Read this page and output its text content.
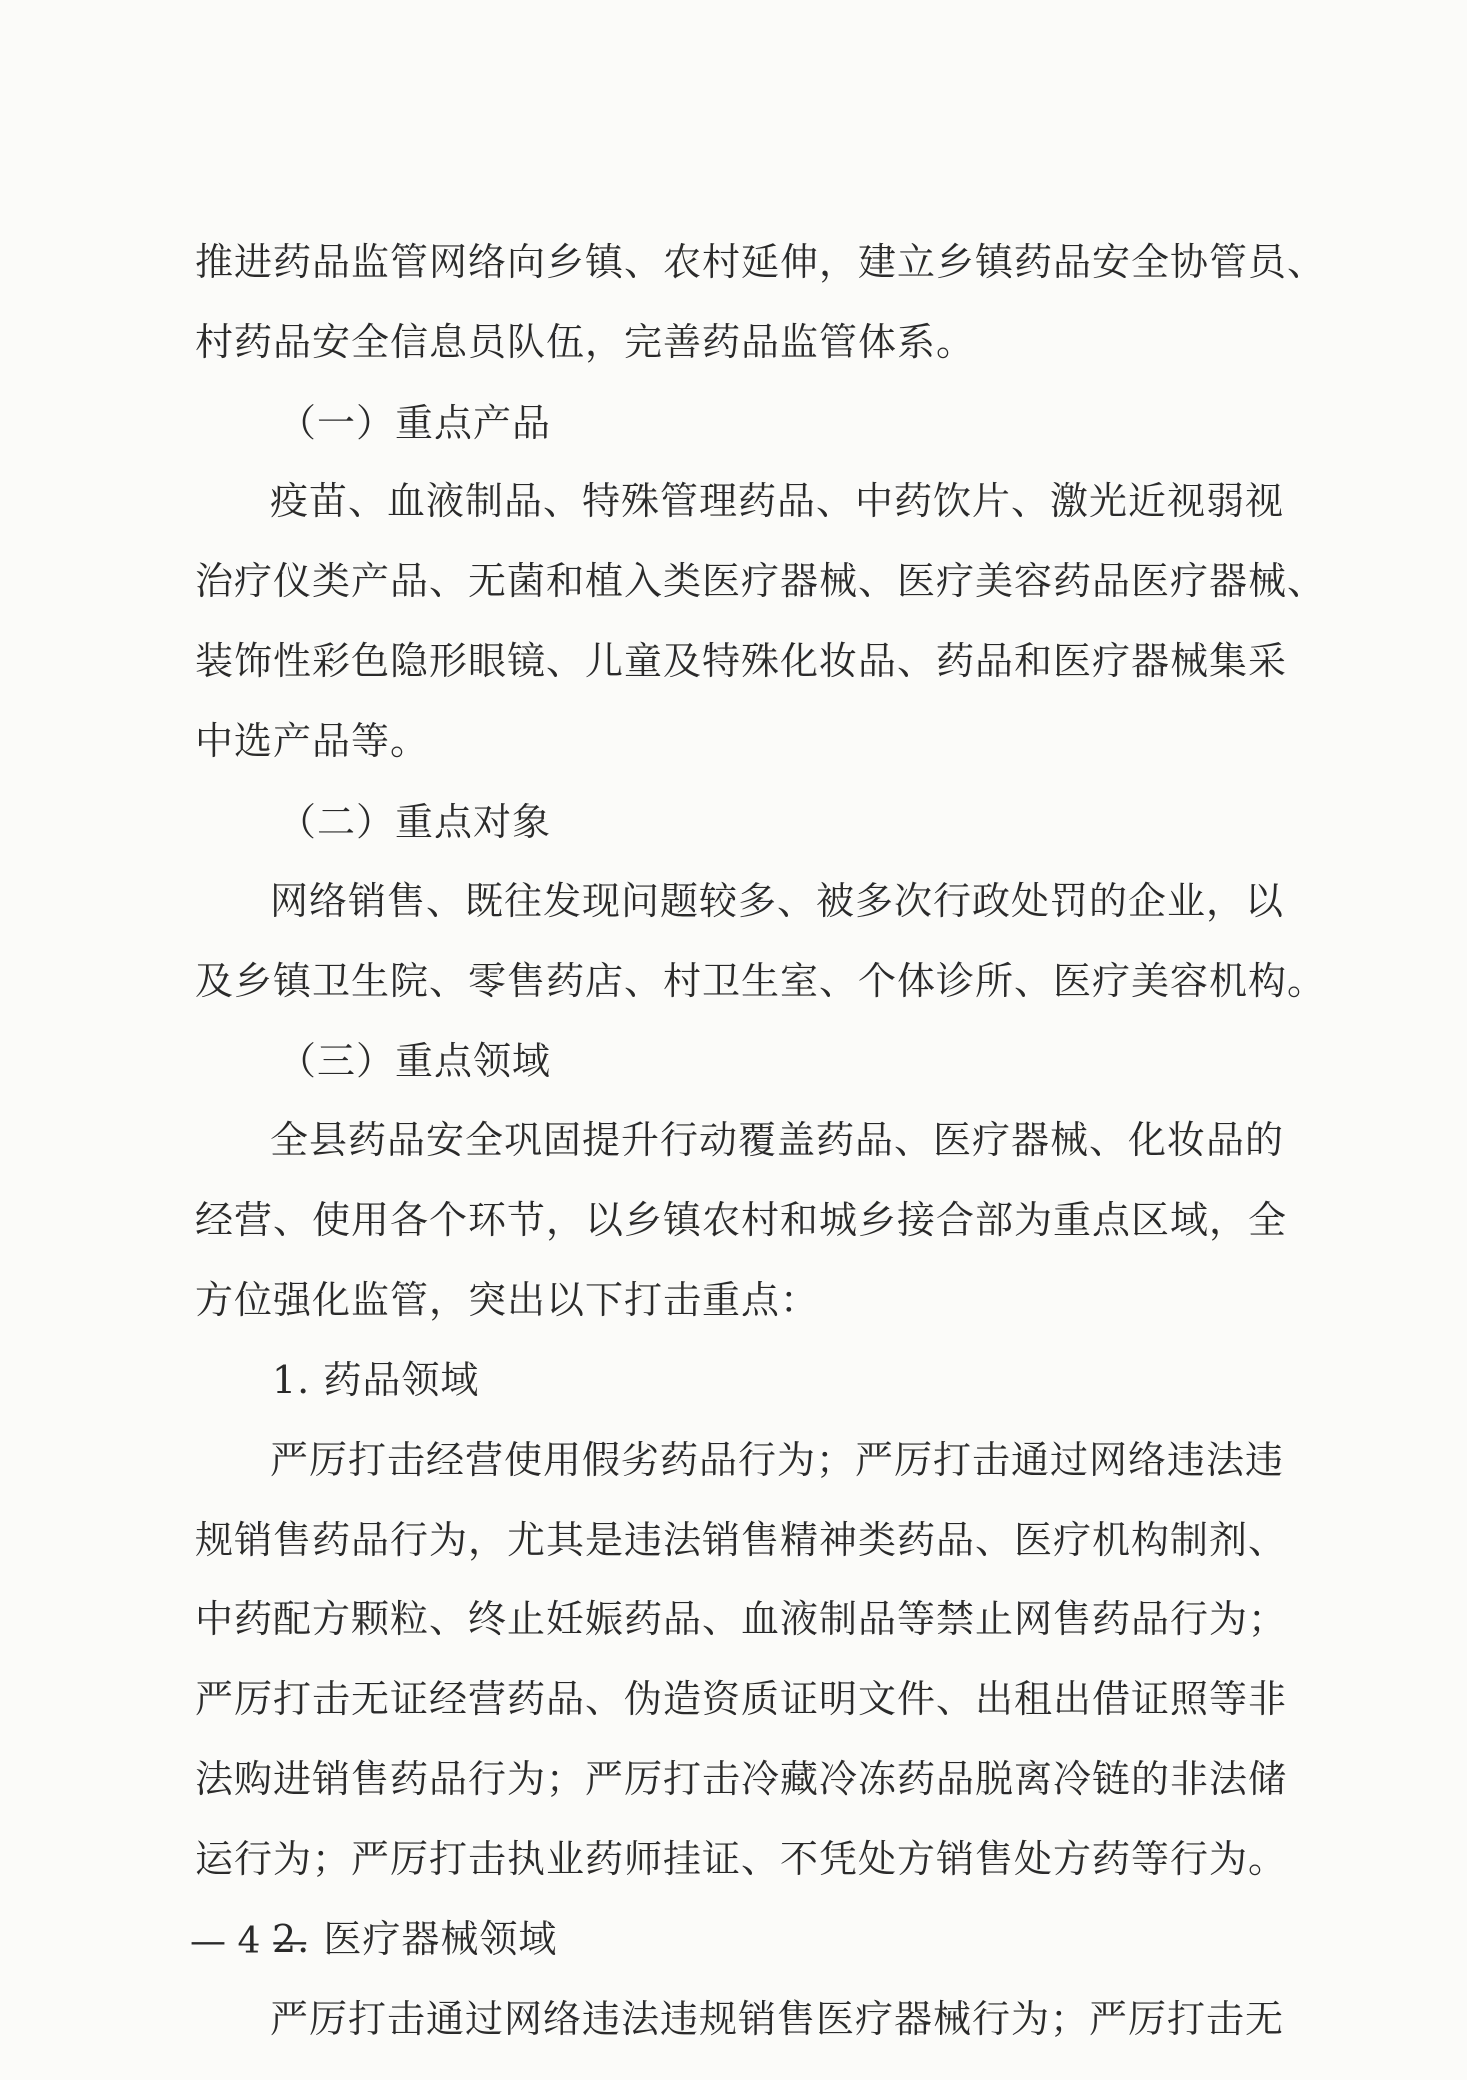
推进药品监管网络向乡镇、农村延伸，建立乡镇药品安全协管员、
村药品安全信息员队伍，完善药品监管体系。
（一）重点产品
疫苗、血液制品、特殊管理药品、中药饮片、激光近视弱视
治疗仪类产品、无菌和植入类医疗器械、医疗美容药品医疗器械、
装饰性彩色隐形眼镜、儿童及特殊化妆品、药品和医疗器械集采
中选产品等。
（二）重点对象
网络销售、既往发现问题较多、被多次行政处罚的企业，以
及乡镇卫生院、零售药店、村卫生室、个体诊所、医疗美容机构。
（三）重点领域
全县药品安全巩固提升行动覆盖药品、医疗器械、化妆品的
经营、使用各个环节，以乡镇农村和城乡接合部为重点区域，全
方位强化监管，突出以下打击重点：
1. 药品领域
严厉打击经营使用假劣药品行为；严厉打击通过网络违法违
规销售药品行为，尤其是违法销售精神类药品、医疗机构制剂、
中药配方颗粒、终止妊娠药品、血液制品等禁止网售药品行为；
严厉打击无证经营药品、伪造资质证明文件、出租出借证照等非
法购进销售药品行为；严厉打击冷藏冷冻药品脱离冷链的非法储
运行为；严厉打击执业药师挂证、不凭处方销售处方药等行为。
2. 医疗器械领域
严厉打击通过网络违法违规销售医疗器械行为；严厉打击无
— 4 —
